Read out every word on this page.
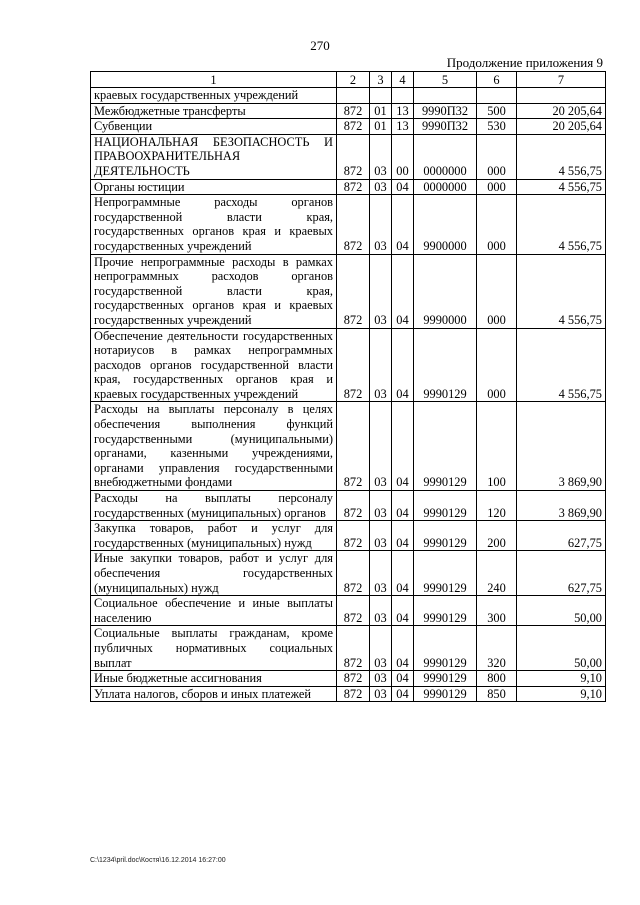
270
Продолжение приложения 9
1	2	3	4	5	6	7
краевых государственных учреждений						
Межбюджетные трансферты	872	01	13	9990П32	500	20 205,64
Субвенции	872	01	13	9990П32	530	20 205,64
НАЦИОНАЛЬНАЯ БЕЗОПАСНОСТЬ И ПРАВООХРАНИТЕЛЬНАЯ ДЕЯТЕЛЬНОСТЬ	872	03	00	0000000	000	4 556,75
Органы юстиции	872	03	04	0000000	000	4 556,75
Непрограммные расходы органов государственной власти края, государственных органов края и краевых государственных учреждений	872	03	04	9900000	000	4 556,75
Прочие непрограммные расходы в рамках непрограммных расходов органов государственной власти края, государственных органов края и краевых государственных учреждений	872	03	04	9990000	000	4 556,75
Обеспечение деятельности государственных нотариусов в рамках непрограммных расходов органов государственной власти края, государственных органов края и краевых государственных учреждений	872	03	04	9990129	000	4 556,75
Расходы на выплаты персоналу в целях обеспечения выполнения функций государственными (муниципальными) органами, казенными учреждениями, органами управления государственными внебюджетными фондами	872	03	04	9990129	100	3 869,90
Расходы на выплаты персоналу государственных (муниципальных) органов	872	03	04	9990129	120	3 869,90
Закупка товаров, работ и услуг для государственных (муниципальных) нужд	872	03	04	9990129	200	627,75
Иные закупки товаров, работ и услуг для обеспечения государственных (муниципальных) нужд	872	03	04	9990129	240	627,75
Социальное обеспечение и иные выплаты населению	872	03	04	9990129	300	50,00
Социальные выплаты гражданам, кроме публичных нормативных социальных выплат	872	03	04	9990129	320	50,00
Иные бюджетные ассигнования	872	03	04	9990129	800	9,10
Уплата налогов, сборов и иных платежей	872	03	04	9990129	850	9,10
C:\1234\pril.doc\Костя\16.12.2014 16:27:00
